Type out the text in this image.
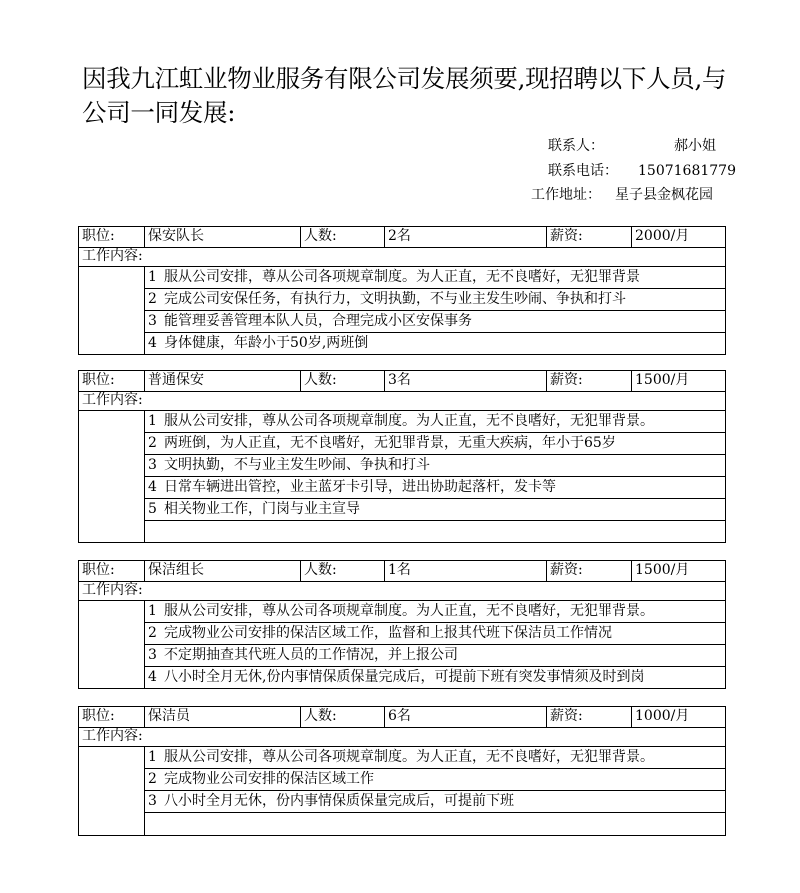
因我九江虹业物业服务有限公司发展须要,现招聘以下人员,与公司一同发展:
联系人：	郝小姐
联系电话： 15071681779
工作地址： 星子县金枫花园
职位:	保安队长	人数:	2名	薪资:	2000/月
工作内容:
1 服从公司安排，尊从公司各项规章制度。为人正直，无不良嗜好，无犯罪背景
2 完成公司安保任务，有执行力，文明执勤，不与业主发生吵闹、争执和打斗
3 能管理妥善管理本队人员，合理完成小区安保事务
4 身体健康，年龄小于50岁,两班倒
职位:	普通保安	人数:	3名	薪资:	1500/月
工作内容:
1 服从公司安排，尊从公司各项规章制度。为人正直，无不良嗜好，无犯罪背景。
2 两班倒，为人正直，无不良嗜好，无犯罪背景，无重大疾病，年小于65岁
3 文明执勤，不与业主发生吵闹、争执和打斗
4 日常车辆进出管控，业主蓝牙卡引导，进出协助起落杆，发卡等
5 相关物业工作，门岗与业主宣导
职位:	保洁组长	人数:	1名	薪资:	1500/月
工作内容:
1 服从公司安排，尊从公司各项规章制度。为人正直，无不良嗜好，无犯罪背景。
2 完成物业公司安排的保洁区域工作，监督和上报其代班下保洁员工作情况
3 不定期抽查其代班人员的工作情况，并上报公司
4 八小时全月无休,份内事情保质保量完成后，可提前下班有突发事情须及时到岗
职位:	保洁员	人数:	6名	薪资:	1000/月
工作内容:
1 服从公司安排，尊从公司各项规章制度。为人正直，无不良嗜好，无犯罪背景。
2 完成物业公司安排的保洁区域工作
3 八小时全月无休，份内事情保质保量完成后，可提前下班
